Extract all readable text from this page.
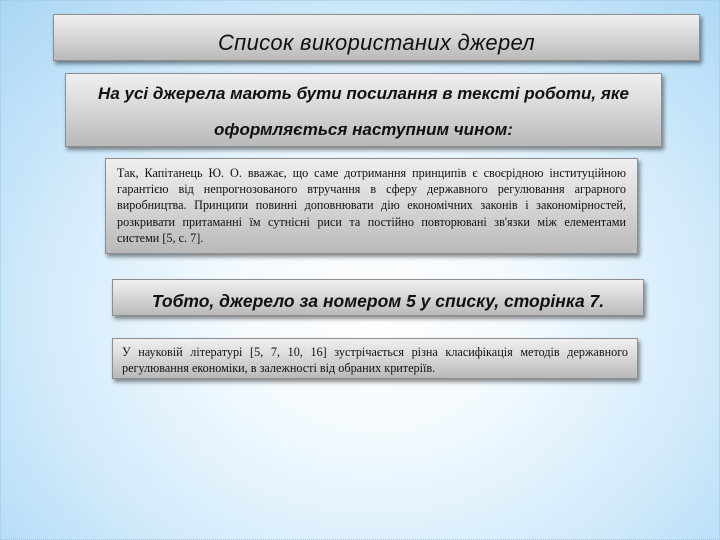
Список використаних джерел
На усі джерела мають бути посилання в тексті роботи, яке
оформляється наступним чином:
Так, Капітанець Ю. О. вважає, що саме дотримання принципів є своєрідною інституційною гарантією від непрогнозованого втручання в сферу державного регулювання аграрного виробництва. Принципи повинні доповнювати дію економічних законів і закономірностей, розкривати притаманні їм сутнісні риси та постійно повторювані зв'язки між елементами системи [5, с. 7].
Тобто, джерело за номером 5 у списку, сторінка 7.
У науковій літературі [5, 7, 10, 16] зустрічається різна класифікація методів державного регулювання економіки, в залежності від обраних критеріїв.
